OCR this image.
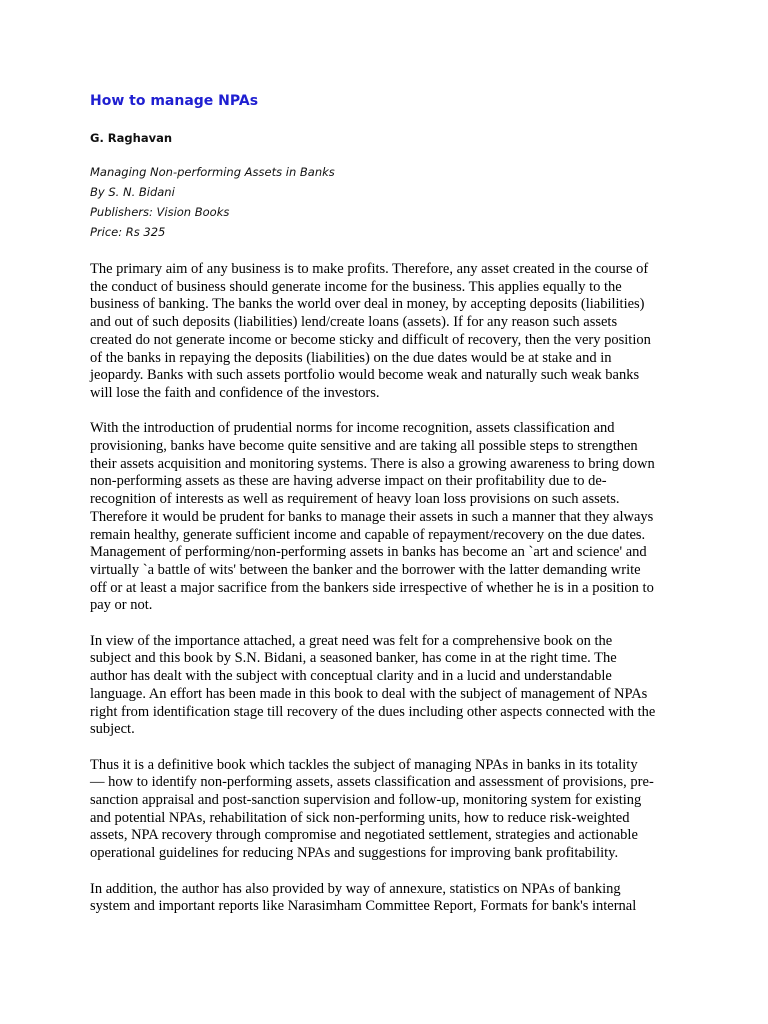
How to manage NPAs

G. Raghavan

Managing Non-performing Assets in Banks
By S. N. Bidani
Publishers: Vision Books
Price: Rs 325

The primary aim of any business is to make profits. Therefore, any asset created in the course of
the conduct of business should generate income for the business. This applies equally to the
business of banking. The banks the world over deal in money, by accepting deposits (liabilities)
and out of such deposits (liabilities) lend/create loans (assets). If for any reason such assets
created do not generate income or become sticky and difficult of recovery, then the very position
of the banks in repaying the deposits (liabilities) on the due dates would be at stake and in
jeopardy. Banks with such assets portfolio would become weak and naturally such weak banks
will lose the faith and confidence of the investors.

With the introduction of prudential norms for income recognition, assets classification and
provisioning, banks have become quite sensitive and are taking all possible steps to strengthen
their assets acquisition and monitoring systems. There is also a growing awareness to bring down
non-performing assets as these are having adverse impact on their profitability due to de-
recognition of interests as well as requirement of heavy loan loss provisions on such assets.
Therefore it would be prudent for banks to manage their assets in such a manner that they always
remain healthy, generate sufficient income and capable of repayment/recovery on the due dates.
Management of performing/non-performing assets in banks has become an `art and science' and
virtually `a battle of wits' between the banker and the borrower with the latter demanding write
off or at least a major sacrifice from the bankers side irrespective of whether he is in a position to
pay or not.

In view of the importance attached, a great need was felt for a comprehensive book on the
subject and this book by S.N. Bidani, a seasoned banker, has come in at the right time. The
author has dealt with the subject with conceptual clarity and in a lucid and understandable
language. An effort has been made in this book to deal with the subject of management of NPAs
right from identification stage till recovery of the dues including other aspects connected with the
subject.

Thus it is a definitive book which tackles the subject of managing NPAs in banks in its totality
— how to identify non-performing assets, assets classification and assessment of provisions, pre-
sanction appraisal and post-sanction supervision and follow-up, monitoring system for existing
and potential NPAs, rehabilitation of sick non-performing units, how to reduce risk-weighted
assets, NPA recovery through compromise and negotiated settlement, strategies and actionable
operational guidelines for reducing NPAs and suggestions for improving bank profitability.

In addition, the author has also provided by way of annexure, statistics on NPAs of banking
system and important reports like Narasimham Committee Report, Formats for bank's internal
